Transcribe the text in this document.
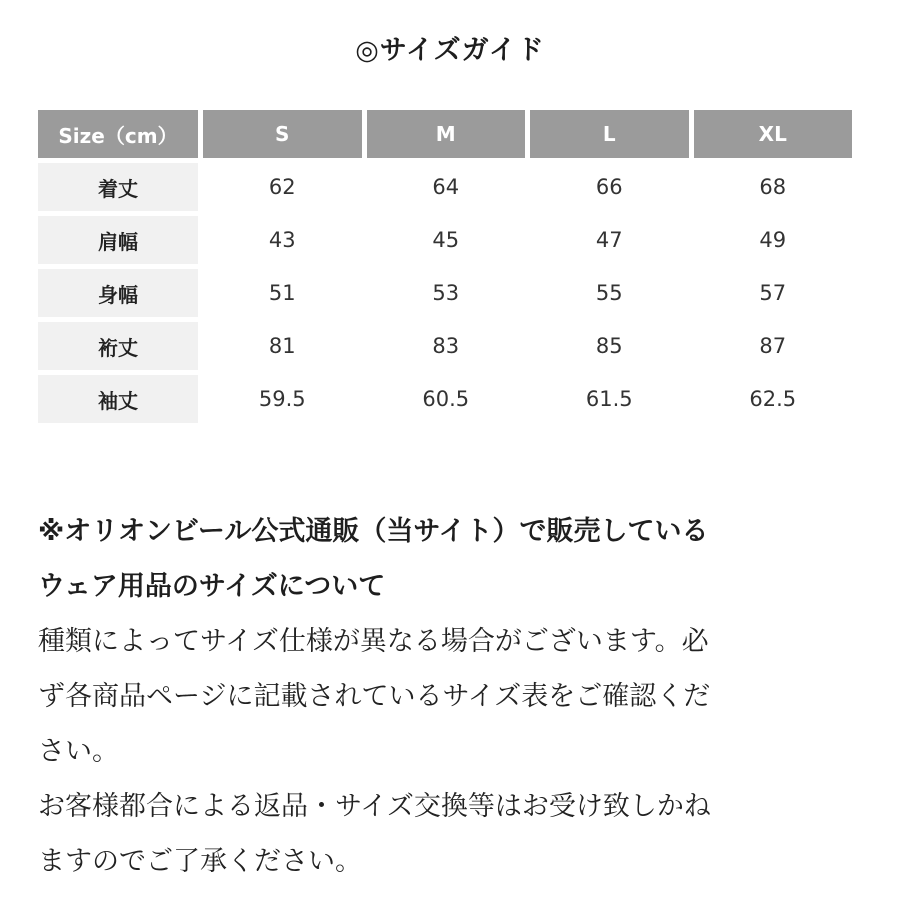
◎サイズガイド
Size（cm）	S	M	L	XL
着丈	62	64	66	68
肩幅	43	45	47	49
身幅	51	53	55	57
裄丈	81	83	85	87
袖丈	59.5	60.5	61.5	62.5
※オリオンビール公式通販（当サイト）で販売している
ウェア用品のサイズについて
種類によってサイズ仕様が異なる場合がございます。必
ず各商品ページに記載されているサイズ表をご確認くだ
さい。
お客様都合による返品・サイズ交換等はお受け致しかね
ますのでご了承ください。
